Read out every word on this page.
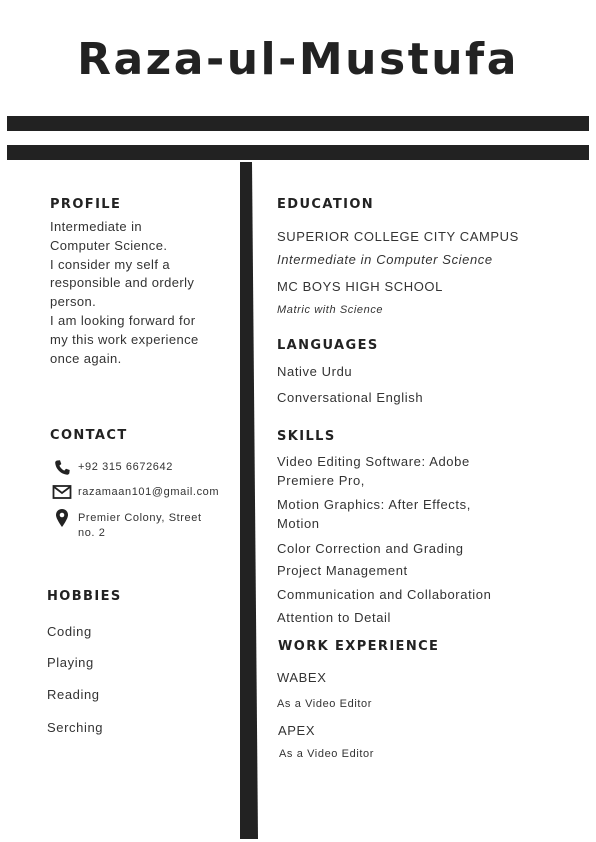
Raza-ul-Mustufa
PROFILE
Intermediate in
Computer Science.
I consider my self a
responsible and orderly
person.
I am looking forward for
my this work experience
once again.
CONTACT
+92 315 6672642
razamaan101@gmail.com
Premier Colony, Street
no. 2
HOBBIES
Coding
Playing
Reading
Serching
EDUCATION
SUPERIOR COLLEGE CITY CAMPUS
Intermediate in Computer Science
MC BOYS HIGH SCHOOL
Matric with Science
LANGUAGES
Native Urdu
Conversational English
SKILLS
Video Editing Software: Adobe
Premiere Pro,
Motion Graphics: After Effects,
Motion
Color Correction and Grading
Project Management
Communication and Collaboration
Attention to Detail
WORK EXPERIENCE
WABEX
As a Video Editor
APEX
As a Video Editor
